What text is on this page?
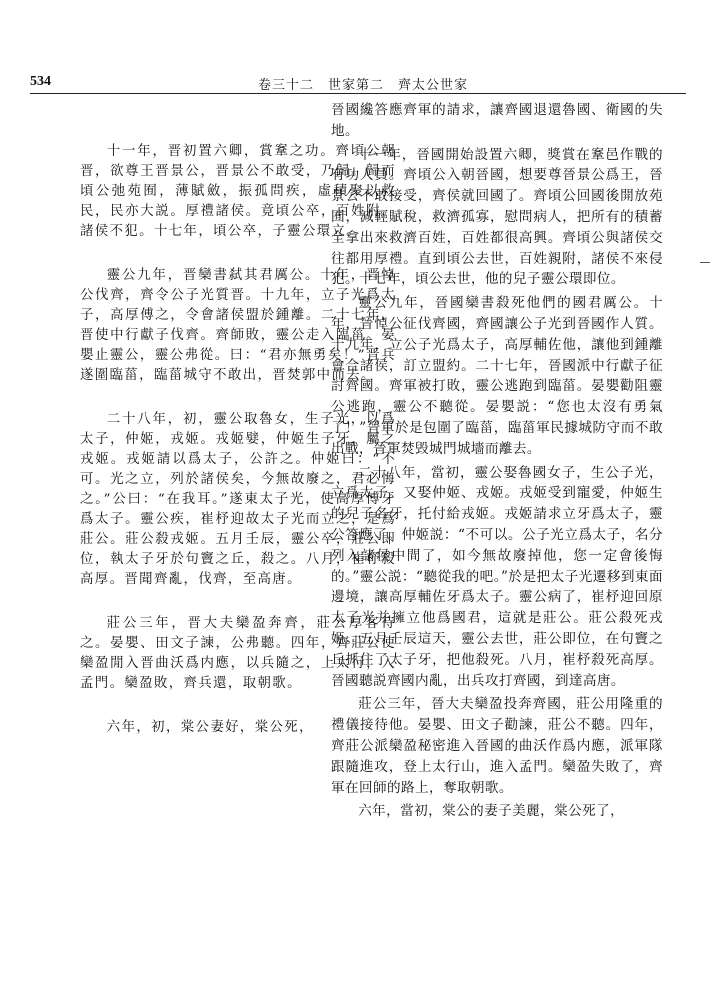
534	卷三十二　世家第二　齊太公世家

十一年，晋初置六卿，賞鞌之功。齊頃公朝晋，欲尊王晋景公，晋景公不敢受，乃歸。歸而頃公弛苑囿，薄賦斂，振孤問疾，虛積聚以救民，民亦大説。厚禮諸侯。竟頃公卒，百姓附，諸侯不犯。十七年，頃公卒，子靈公環立。

靈公九年，晋欒書弑其君厲公。十年，晋悼公伐齊，齊令公子光質晋。十九年，立子光爲太子，高厚傅之，令會諸侯盟於鍾離。二十七年，晋使中行獻子伐齊。齊師敗，靈公走入臨菑。晏嬰止靈公，靈公弗從。曰：“君亦無勇矣！”晋兵遂圍臨菑，臨菑城守不敢出，晋焚郭中而去。

二十八年，初，靈公取魯女，生子光，以爲太子，仲姬，戎姬。戎姬嬖，仲姬生子牙，屬之戎姬。戎姬請以爲太子，公許之。仲姬曰：“不可。光之立，列於諸侯矣，今無故廢之，君必悔之。”公曰：“在我耳。”遂東太子光，使高厚傅牙爲太子。靈公疾，崔杼迎故太子光而立之，是爲莊公。莊公殺戎姬。五月壬辰，靈公卒，莊公即位，執太子牙於句竇之丘，殺之。八月，崔杼殺高厚。晋聞齊亂，伐齊，至高唐。

莊公三年，晋大夫欒盈奔齊，莊公厚客待之。晏嬰、田文子諫，公弗聽。四年，齊莊公使欒盈閒入晋曲沃爲内應，以兵隨之，上太行，入孟門。欒盈敗，齊兵還，取朝歌。

六年，初，棠公妻好，棠公死，

晉國纔答應齊軍的請求，讓齊國退還魯國、衛國的失地。

十一年，晉國開始設置六卿，獎賞在鞌邑作戰的有功人員。齊頃公入朝晉國，想要尊晉景公爲王，晉景公不敢接受，齊侯就回國了。齊頃公回國後開放苑囿，減輕賦稅，救濟孤寡，慰問病人，把所有的積蓄全拿出來救濟百姓，百姓都很高興。齊頃公與諸侯交往都用厚禮。直到頃公去世，百姓親附，諸侯不來侵犯。十七年，頃公去世，他的兒子靈公環即位。

靈公九年，晉國欒書殺死他們的國君厲公。十年，晉悼公征伐齊國，齊國讓公子光到晉國作人質。十九年，立公子光爲太子，高厚輔佐他，讓他到鍾離會合諸侯，訂立盟約。二十七年，晉國派中行獻子征討齊國。齊軍被打敗，靈公逃跑到臨菑。晏嬰勸阻靈公逃跑，靈公不聽從。晏嬰説：“您也太沒有勇氣了！”晉軍於是包圍了臨菑，臨菑軍民據城防守而不敢出戰，晉軍焚毁城門城墻而離去。

二十八年，當初，靈公娶魯國女子，生公子光，立爲太子。又娶仲姬、戎姬。戎姬受到寵愛，仲姬生的兒子名牙，托付給戎姬。戎姬請求立牙爲太子，靈公答應了。仲姬説：“不可以。公子光立爲太子，名分列入諸侯中間了，如今無故廢掉他，您一定會後悔的。”靈公説：“聽從我的吧。”於是把太子光遷移到東面邊境，讓高厚輔佐牙爲太子。靈公病了，崔杼迎回原太子光并擁立他爲國君，這就是莊公。莊公殺死戎姬。五月壬辰這天，靈公去世，莊公即位，在句竇之丘抓住了太子牙，把他殺死。八月，崔杼殺死高厚。晉國聽説齊國内亂，出兵攻打齊國，到達高唐。

莊公三年，晉大夫欒盈投奔齊國，莊公用隆重的禮儀接待他。晏嬰、田文子勸諫，莊公不聽。四年，齊莊公派欒盈秘密進入晉國的曲沃作爲内應，派軍隊跟隨進攻，登上太行山，進入孟門。欒盈失敗了，齊軍在回師的路上，奪取朝歌。

六年，當初，棠公的妻子美麗，棠公死了，
